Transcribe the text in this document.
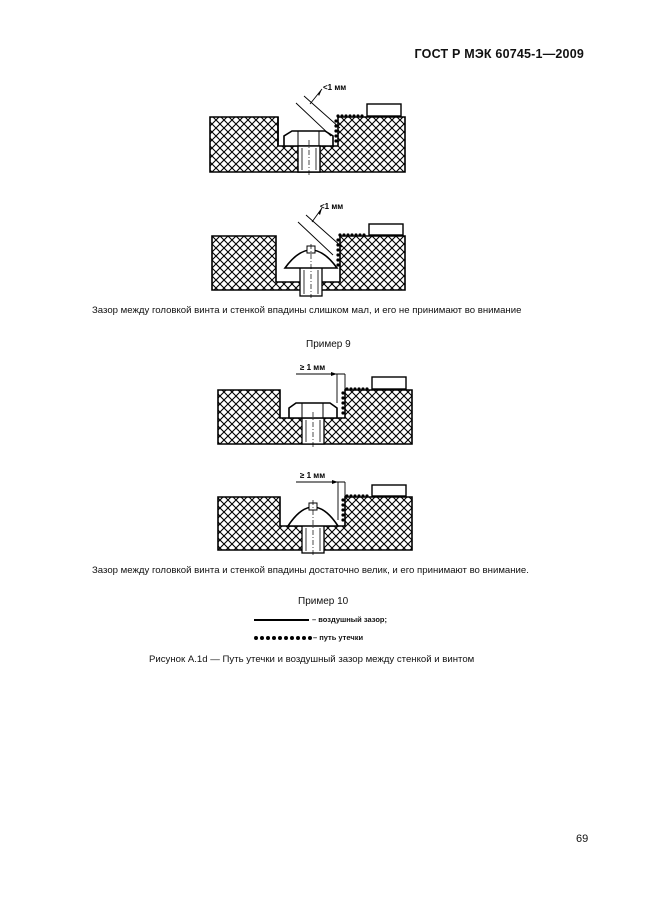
ГОСТ Р МЭК 60745-1—2009
<1 мм
<1 мм
≥ 1 мм
≥ 1 мм
Зазор между головкой винта и стенкой впадины слишком мал, и его не принимают во внимание
Пример 9
Зазор между головкой винта и стенкой впадины достаточно велик, и его принимают во внимание.
Пример 10
– воздушный зазор;
– путь утечки
Рисунок А.1d — Путь утечки и воздушный зазор между стенкой и винтом
69
